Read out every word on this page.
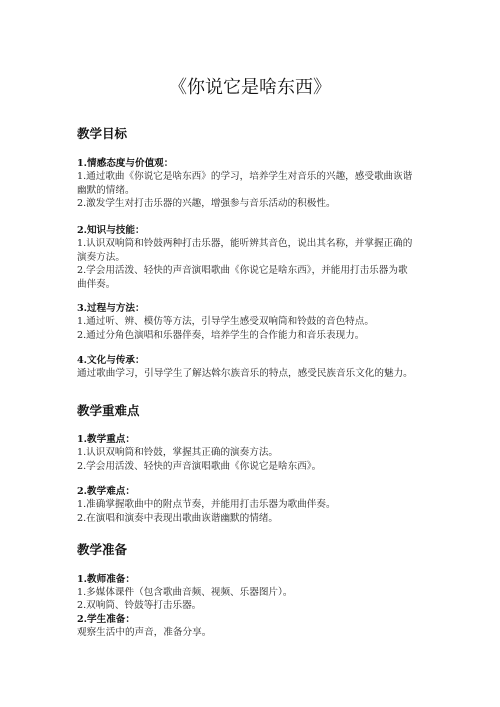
《你说它是啥东西》
教学目标
1.情感态度与价值观：
1.通过歌曲《你说它是啥东西》的学习，培养学生对音乐的兴趣，感受歌曲诙谐幽默的情绪。
2.激发学生对打击乐器的兴趣，增强参与音乐活动的积极性。
2.知识与技能：
1.认识双响筒和铃鼓两种打击乐器，能听辨其音色，说出其名称，并掌握正确的演奏方法。
2.学会用活泼、轻快的声音演唱歌曲《你说它是啥东西》，并能用打击乐器为歌曲伴奏。
3.过程与方法：
1.通过听、辨、模仿等方法，引导学生感受双响筒和铃鼓的音色特点。
2.通过分角色演唱和乐器伴奏，培养学生的合作能力和音乐表现力。
4.文化与传承：
通过歌曲学习，引导学生了解达斡尔族音乐的特点，感受民族音乐文化的魅力。
教学重难点
1.教学重点：
1.认识双响筒和铃鼓，掌握其正确的演奏方法。
2.学会用活泼、轻快的声音演唱歌曲《你说它是啥东西》。
2.教学难点：
1.准确掌握歌曲中的附点节奏，并能用打击乐器为歌曲伴奏。
2.在演唱和演奏中表现出歌曲诙谐幽默的情绪。
教学准备
1.教师准备：
1.多媒体课件（包含歌曲音频、视频、乐器图片）。
2.双响筒、铃鼓等打击乐器。
2.学生准备：
观察生活中的声音，准备分享。
